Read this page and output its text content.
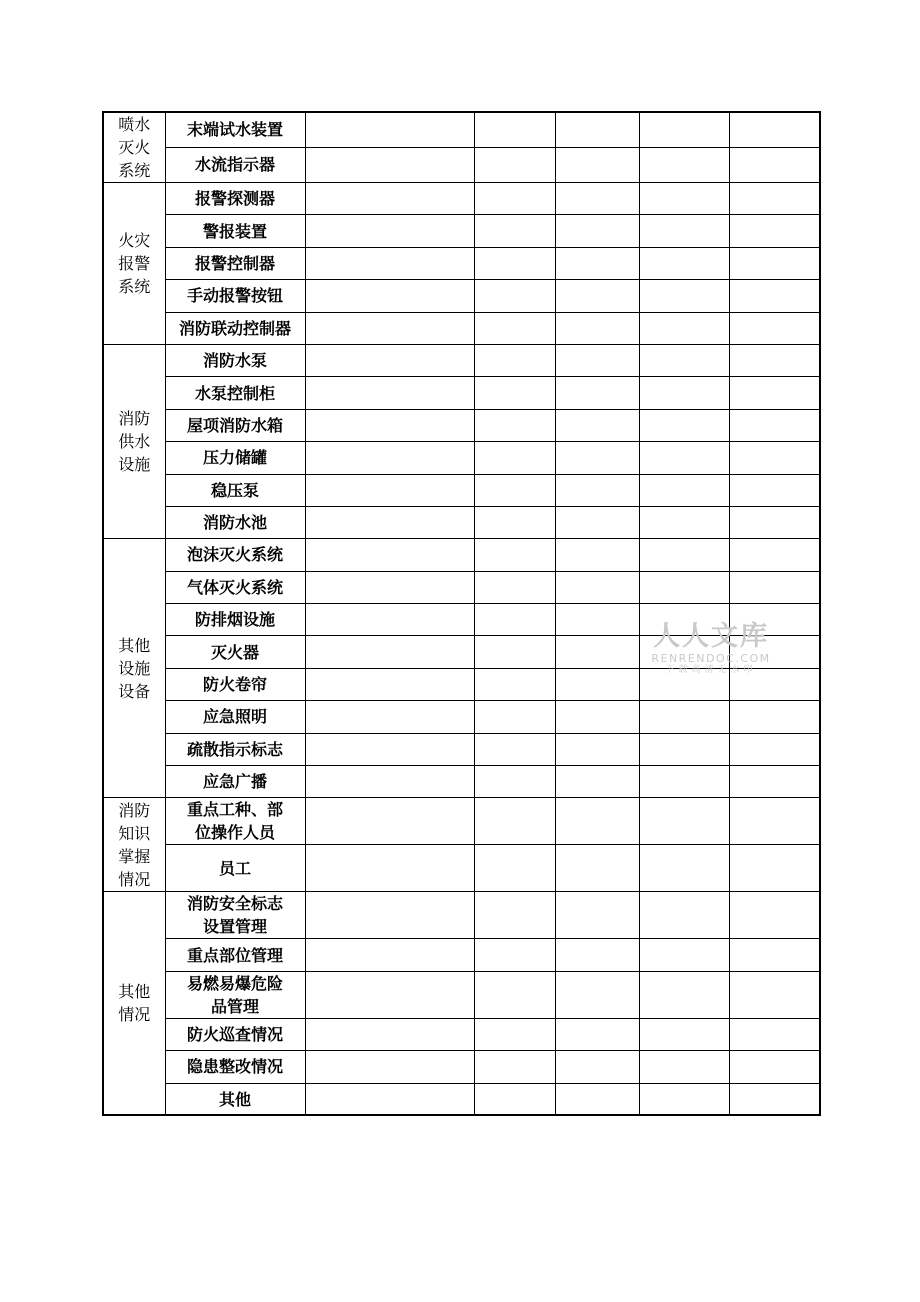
喷水灭火系统	末端试水装置					

	水流指示器					

火灾报警系统	报警探测器					

	警报装置					

	报警控制器					

	手动报警按钮					

	消防联动控制器					

消防供水设施	消防水泵					

	水泵控制柜					

	屋项消防水箱					

	压力储罐					

	稳压泵					

	消防水池					

其他设施设备	泡沫灭火系统					

	气体灭火系统					

	防排烟设施					

	灭火器					

	防火卷帘					

	应急照明					

	疏散指示标志					

	应急广播					

消防知识掌握情况	重点工种、部
位操作人员					

	员工					

其他情况	消防安全标志
设置管理					

	重点部位管理					

	易燃易爆危险
品管理					

	防火巡查情况					

	隐患整改情况					

	其他					

人人文库
RENRENDOC.COM
下载高清无水印
